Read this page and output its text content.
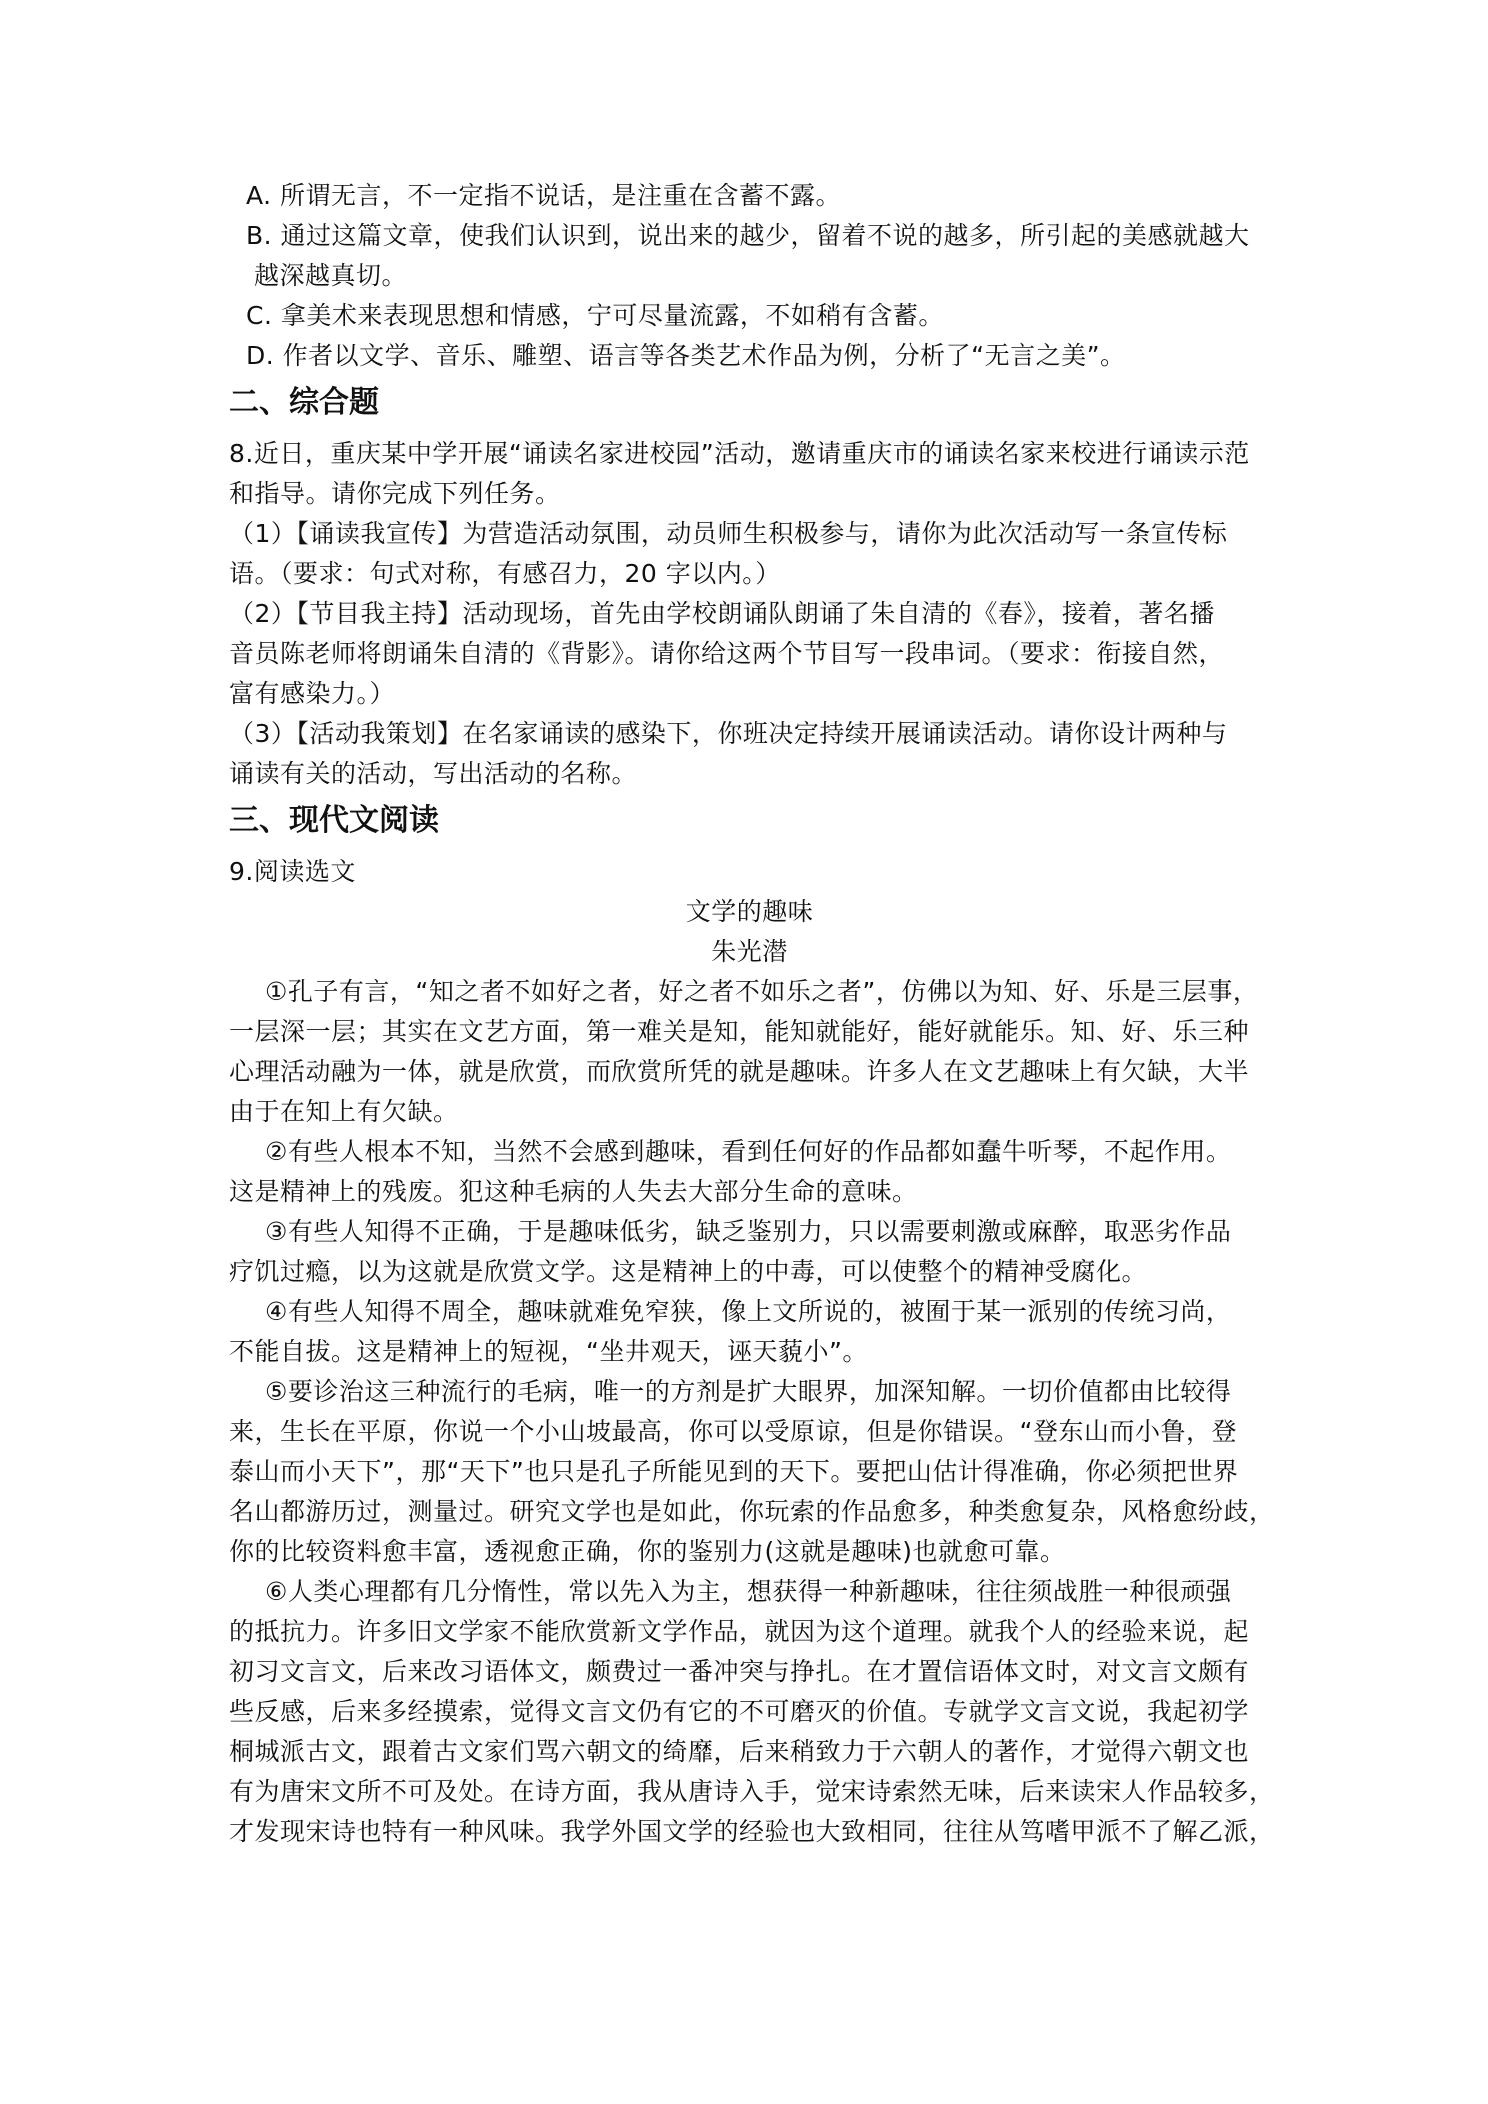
A. 所谓无言，不一定指不说话，是注重在含蓄不露。
B. 通过这篇文章，使我们认识到，说出来的越少，留着不说的越多，所引起的美感就越大
越深越真切。
C. 拿美术来表现思想和情感，宁可尽量流露，不如稍有含蓄。
D. 作者以文学、音乐、雕塑、语言等各类艺术作品为例，分析了“无言之美”。
二、综合题
8.近日，重庆某中学开展“诵读名家进校园”活动，邀请重庆市的诵读名家来校进行诵读示范
和指导。请你完成下列任务。
（1）【诵读我宣传】为营造活动氛围，动员师生积极参与，请你为此次活动写一条宣传标
语。（要求：句式对称，有感召力，20 字以内。）
（2）【节目我主持】活动现场，首先由学校朗诵队朗诵了朱自清的《春》，接着，著名播
音员陈老师将朗诵朱自清的《背影》。请你给这两个节目写一段串词。（要求：衔接自然，
富有感染力。）
（3）【活动我策划】在名家诵读的感染下，你班决定持续开展诵读活动。请你设计两种与
诵读有关的活动，写出活动的名称。
三、现代文阅读
9.阅读选文
文学的趣味
朱光潜
①孔子有言，“知之者不如好之者，好之者不如乐之者”，仿佛以为知、好、乐是三层事，
一层深一层；其实在文艺方面，第一难关是知，能知就能好，能好就能乐。知、好、乐三种
心理活动融为一体，就是欣赏，而欣赏所凭的就是趣味。许多人在文艺趣味上有欠缺，大半
由于在知上有欠缺。
②有些人根本不知，当然不会感到趣味，看到任何好的作品都如蠢牛听琴，不起作用。
这是精神上的残废。犯这种毛病的人失去大部分生命的意味。
③有些人知得不正确，于是趣味低劣，缺乏鉴别力，只以需要刺激或麻醉，取恶劣作品
疗饥过瘾，以为这就是欣赏文学。这是精神上的中毒，可以使整个的精神受腐化。
④有些人知得不周全，趣味就难免窄狭，像上文所说的，被囿于某一派别的传统习尚，
不能自拔。这是精神上的短视，“坐井观天，诬天藐小”。
⑤要诊治这三种流行的毛病，唯一的方剂是扩大眼界，加深知解。一切价值都由比较得
来，生长在平原，你说一个小山坡最高，你可以受原谅，但是你错误。“登东山而小鲁，登
泰山而小天下”，那“天下”也只是孔子所能见到的天下。要把山估计得准确，你必须把世界
名山都游历过，测量过。研究文学也是如此，你玩索的作品愈多，种类愈复杂，风格愈纷歧，
你的比较资料愈丰富，透视愈正确，你的鉴别力(这就是趣味)也就愈可靠。
⑥人类心理都有几分惰性，常以先入为主，想获得一种新趣味，往往须战胜一种很顽强
的抵抗力。许多旧文学家不能欣赏新文学作品，就因为这个道理。就我个人的经验来说，起
初习文言文，后来改习语体文，颇费过一番冲突与挣扎。在才置信语体文时，对文言文颇有
些反感，后来多经摸索，觉得文言文仍有它的不可磨灭的价值。专就学文言文说，我起初学
桐城派古文，跟着古文家们骂六朝文的绮靡，后来稍致力于六朝人的著作，才觉得六朝文也
有为唐宋文所不可及处。在诗方面，我从唐诗入手，觉宋诗索然无味，后来读宋人作品较多，
才发现宋诗也特有一种风味。我学外国文学的经验也大致相同，往往从笃嗜甲派不了解乙派，
